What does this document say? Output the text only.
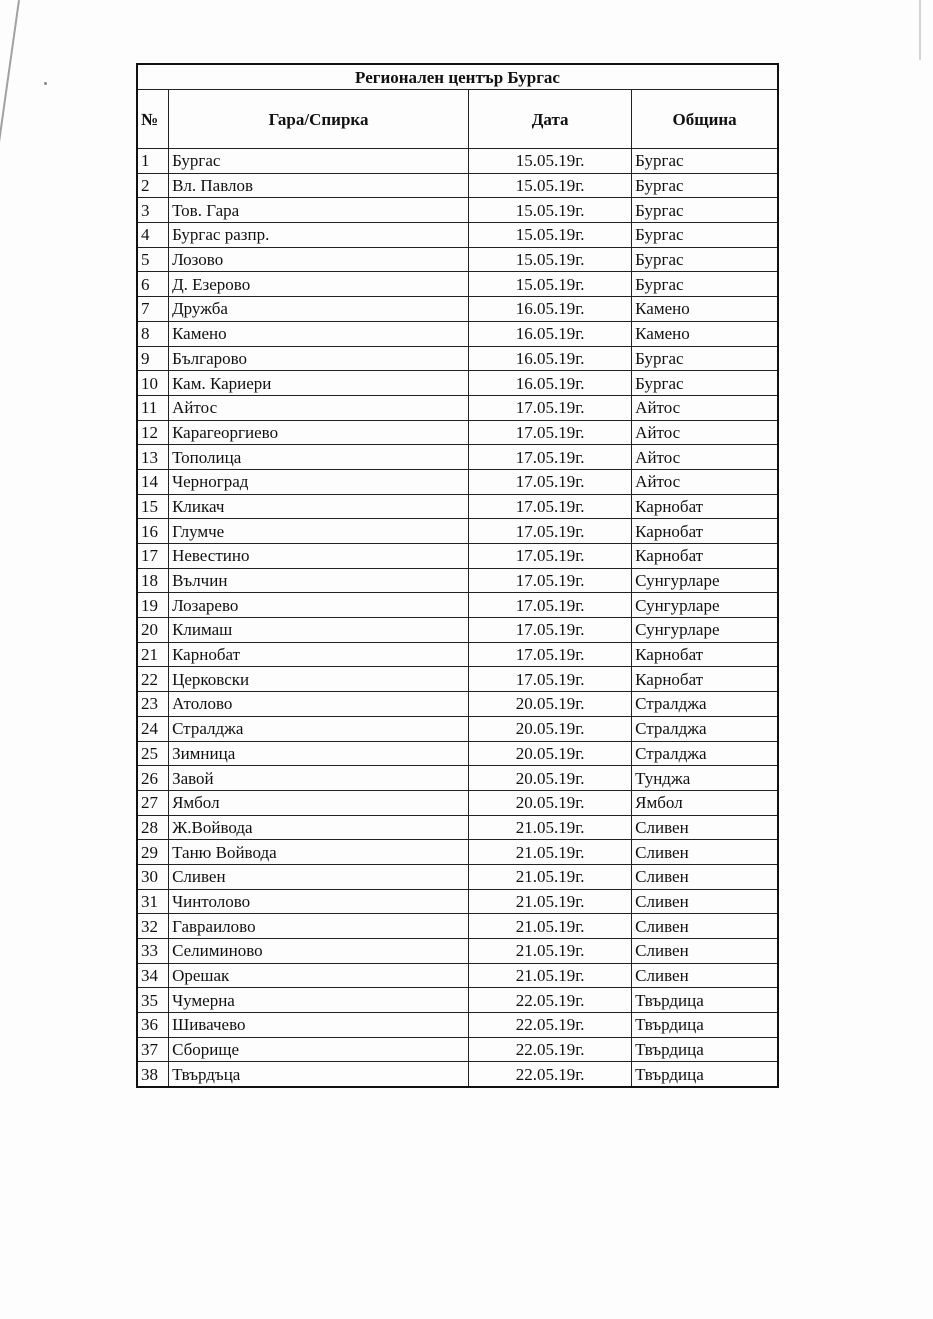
Регионален център Бургас			
№	Гара/Спирка	Дата	Община
1	Бургас	15.05.19г.	Бургас
2	Вл. Павлов	15.05.19г.	Бургас
3	Тов. Гара	15.05.19г.	Бургас
4	Бургас разпр.	15.05.19г.	Бургас
5	Лозово	15.05.19г.	Бургас
6	Д. Езерово	15.05.19г.	Бургас
7	Дружба	16.05.19г.	Камено
8	Камено	16.05.19г.	Камено
9	Българово	16.05.19г.	Бургас
10	Кам. Кариери	16.05.19г.	Бургас
11	Айтос	17.05.19г.	Айтос
12	Карагеоргиево	17.05.19г.	Айтос
13	Тополица	17.05.19г.	Айтос
14	Черноград	17.05.19г.	Айтос
15	Кликач	17.05.19г.	Карнобат
16	Глумче	17.05.19г.	Карнобат
17	Невестино	17.05.19г.	Карнобат
18	Вълчин	17.05.19г.	Сунгурларе
19	Лозарево	17.05.19г.	Сунгурларе
20	Климаш	17.05.19г.	Сунгурларе
21	Карнобат	17.05.19г.	Карнобат
22	Церковски	17.05.19г.	Карнобат
23	Атолово	20.05.19г.	Стралджа
24	Стралджа	20.05.19г.	Стралджа
25	Зимница	20.05.19г.	Стралджа
26	Завой	20.05.19г.	Тунджа
27	Ямбол	20.05.19г.	Ямбол
28	Ж.Войвода	21.05.19г.	Сливен
29	Таню Войвода	21.05.19г.	Сливен
30	Сливен	21.05.19г.	Сливен
31	Чинтолово	21.05.19г.	Сливен
32	Гавраилово	21.05.19г.	Сливен
33	Селиминово	21.05.19г.	Сливен
34	Орешак	21.05.19г.	Сливен
35	Чумерна	22.05.19г.	Твърдица
36	Шивачево	22.05.19г.	Твърдица
37	Сборище	22.05.19г.	Твърдица
38	Твърдъца	22.05.19г.	Твърдица
